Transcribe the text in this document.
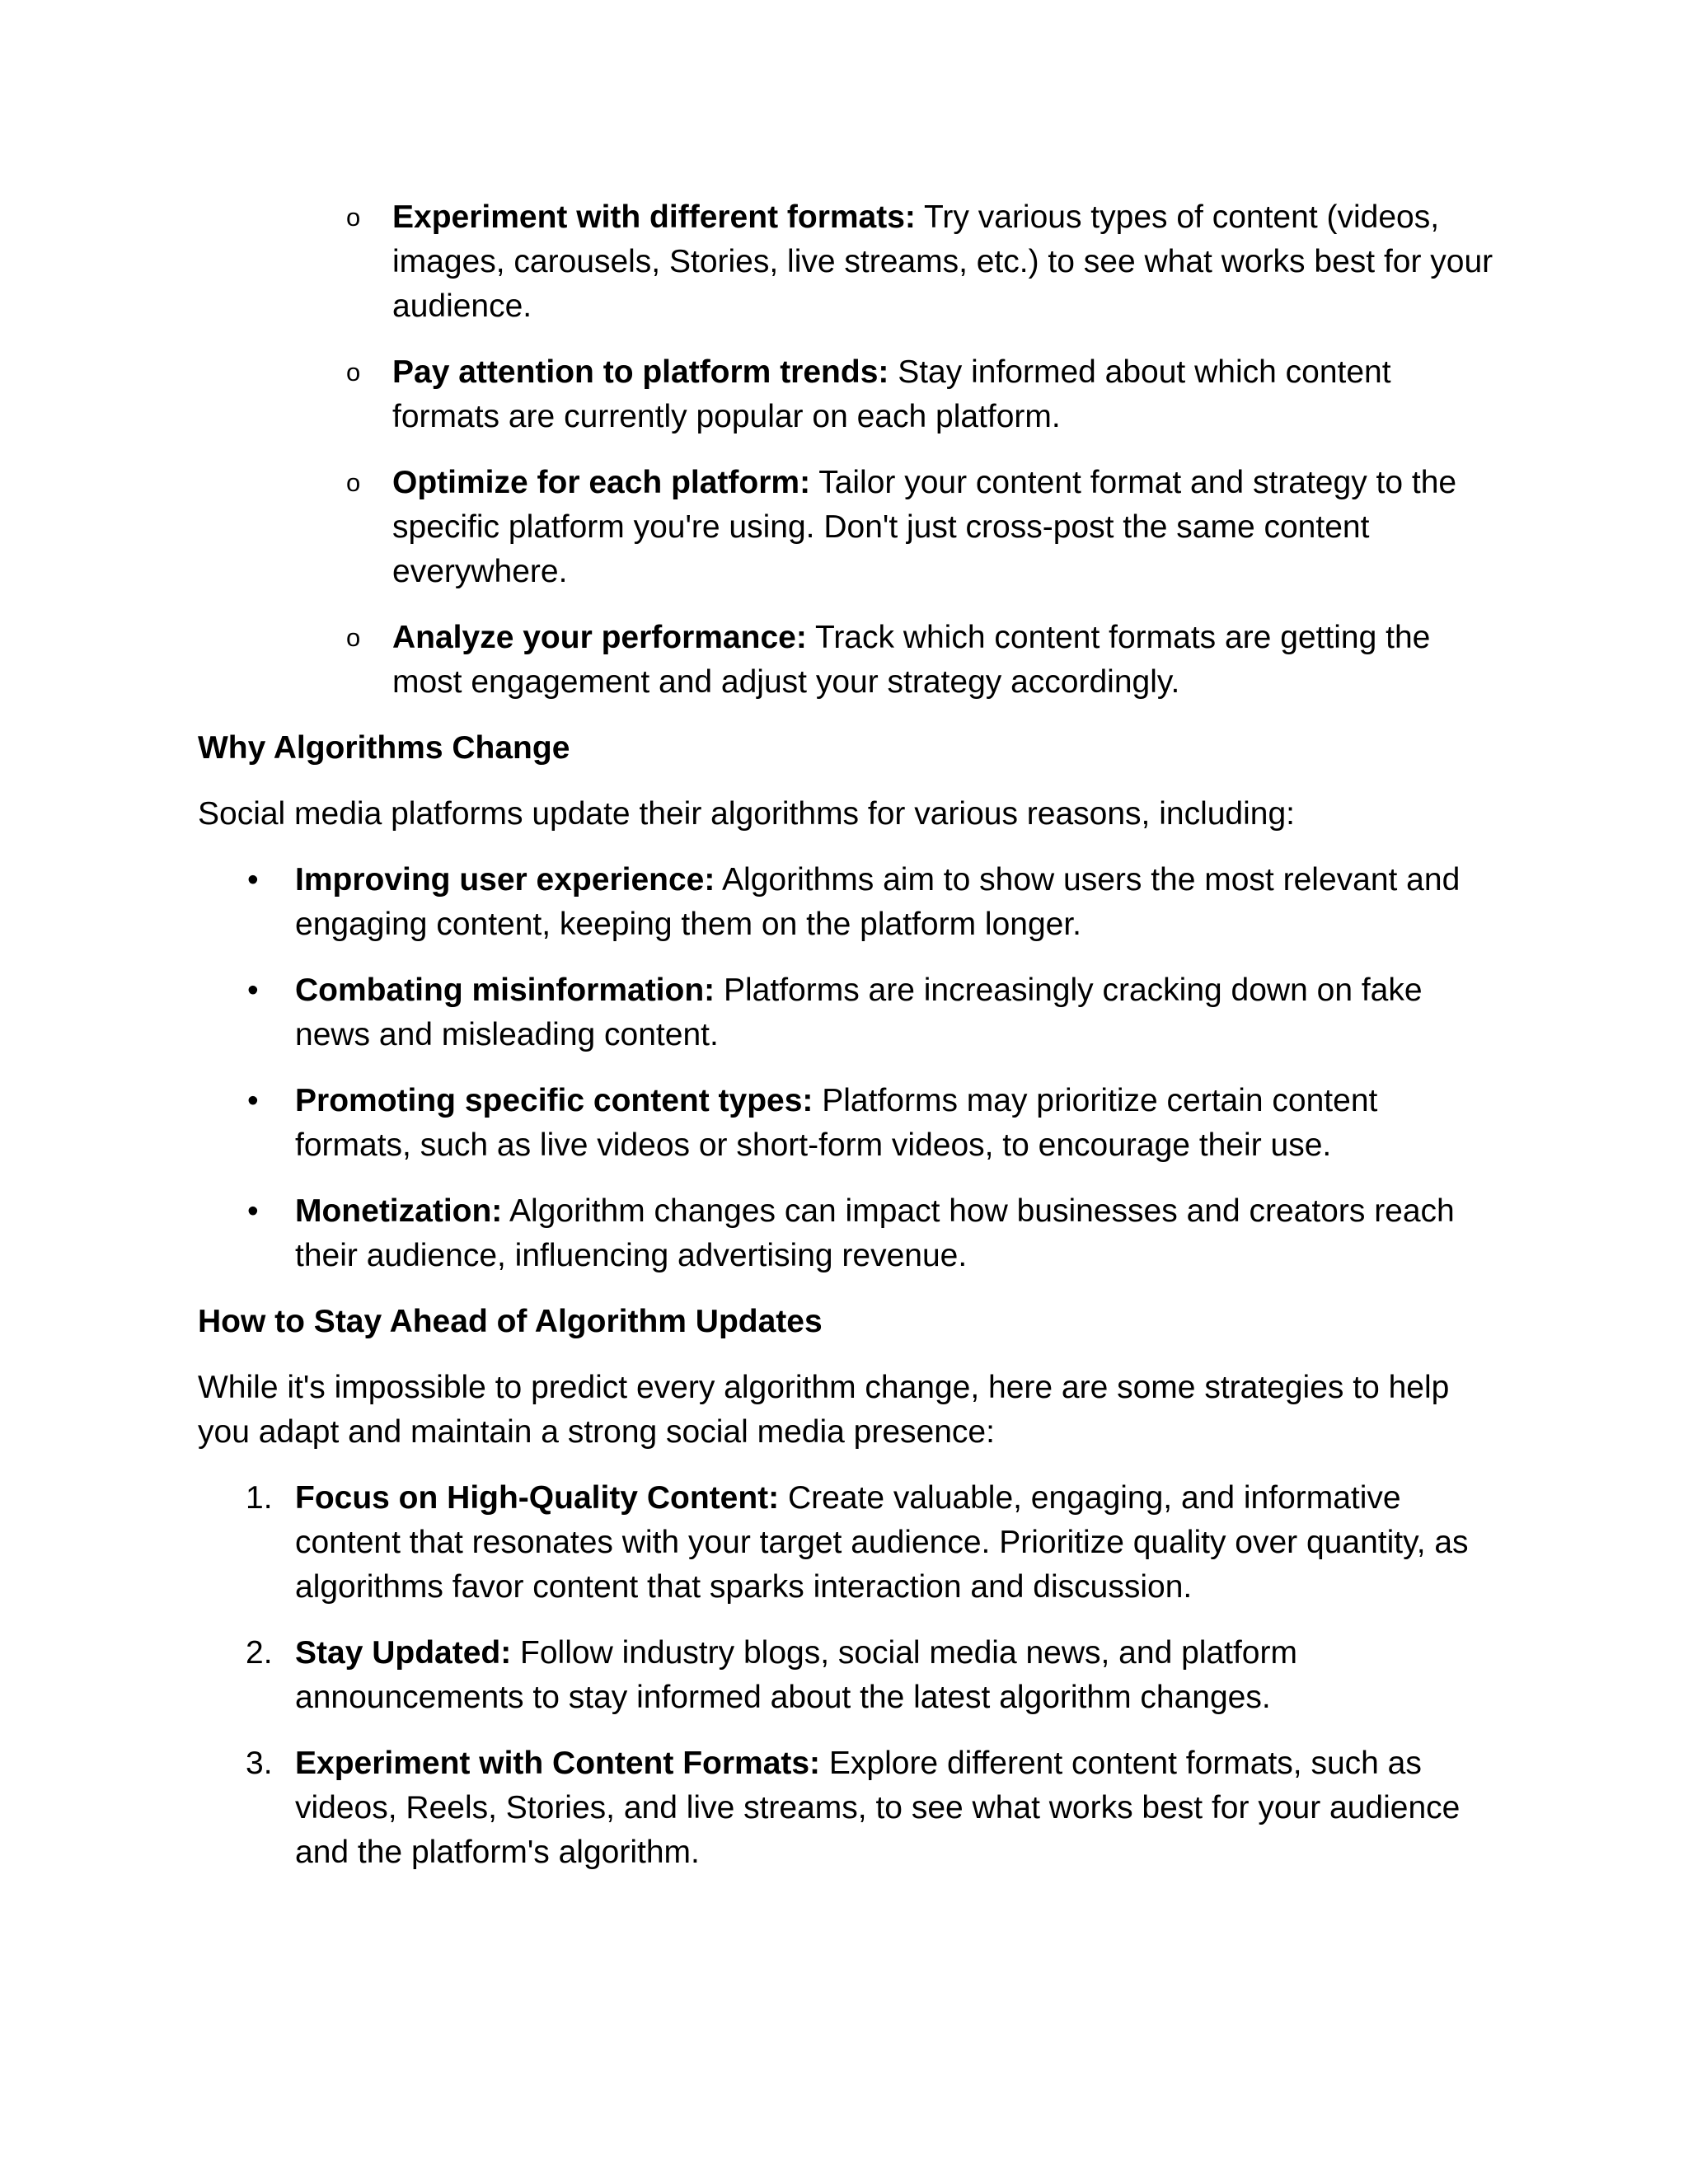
o Experiment with different formats: Try various types of content (videos, images, carousels, Stories, live streams, etc.) to see what works best for your audience.
o Pay attention to platform trends: Stay informed about which content formats are currently popular on each platform.
o Optimize for each platform: Tailor your content format and strategy to the specific platform you're using. Don't just cross-post the same content everywhere.
o Analyze your performance: Track which content formats are getting the most engagement and adjust your strategy accordingly.
Why Algorithms Change
Social media platforms update their algorithms for various reasons, including:
• Improving user experience: Algorithms aim to show users the most relevant and engaging content, keeping them on the platform longer.
• Combating misinformation: Platforms are increasingly cracking down on fake news and misleading content.
• Promoting specific content types: Platforms may prioritize certain content formats, such as live videos or short-form videos, to encourage their use.
• Monetization: Algorithm changes can impact how businesses and creators reach their audience, influencing advertising revenue.
How to Stay Ahead of Algorithm Updates
While it's impossible to predict every algorithm change, here are some strategies to help you adapt and maintain a strong social media presence:
1. Focus on High-Quality Content: Create valuable, engaging, and informative content that resonates with your target audience. Prioritize quality over quantity, as algorithms favor content that sparks interaction and discussion.
2. Stay Updated: Follow industry blogs, social media news, and platform announcements to stay informed about the latest algorithm changes.
3. Experiment with Content Formats: Explore different content formats, such as videos, Reels, Stories, and live streams, to see what works best for your audience and the platform's algorithm.
